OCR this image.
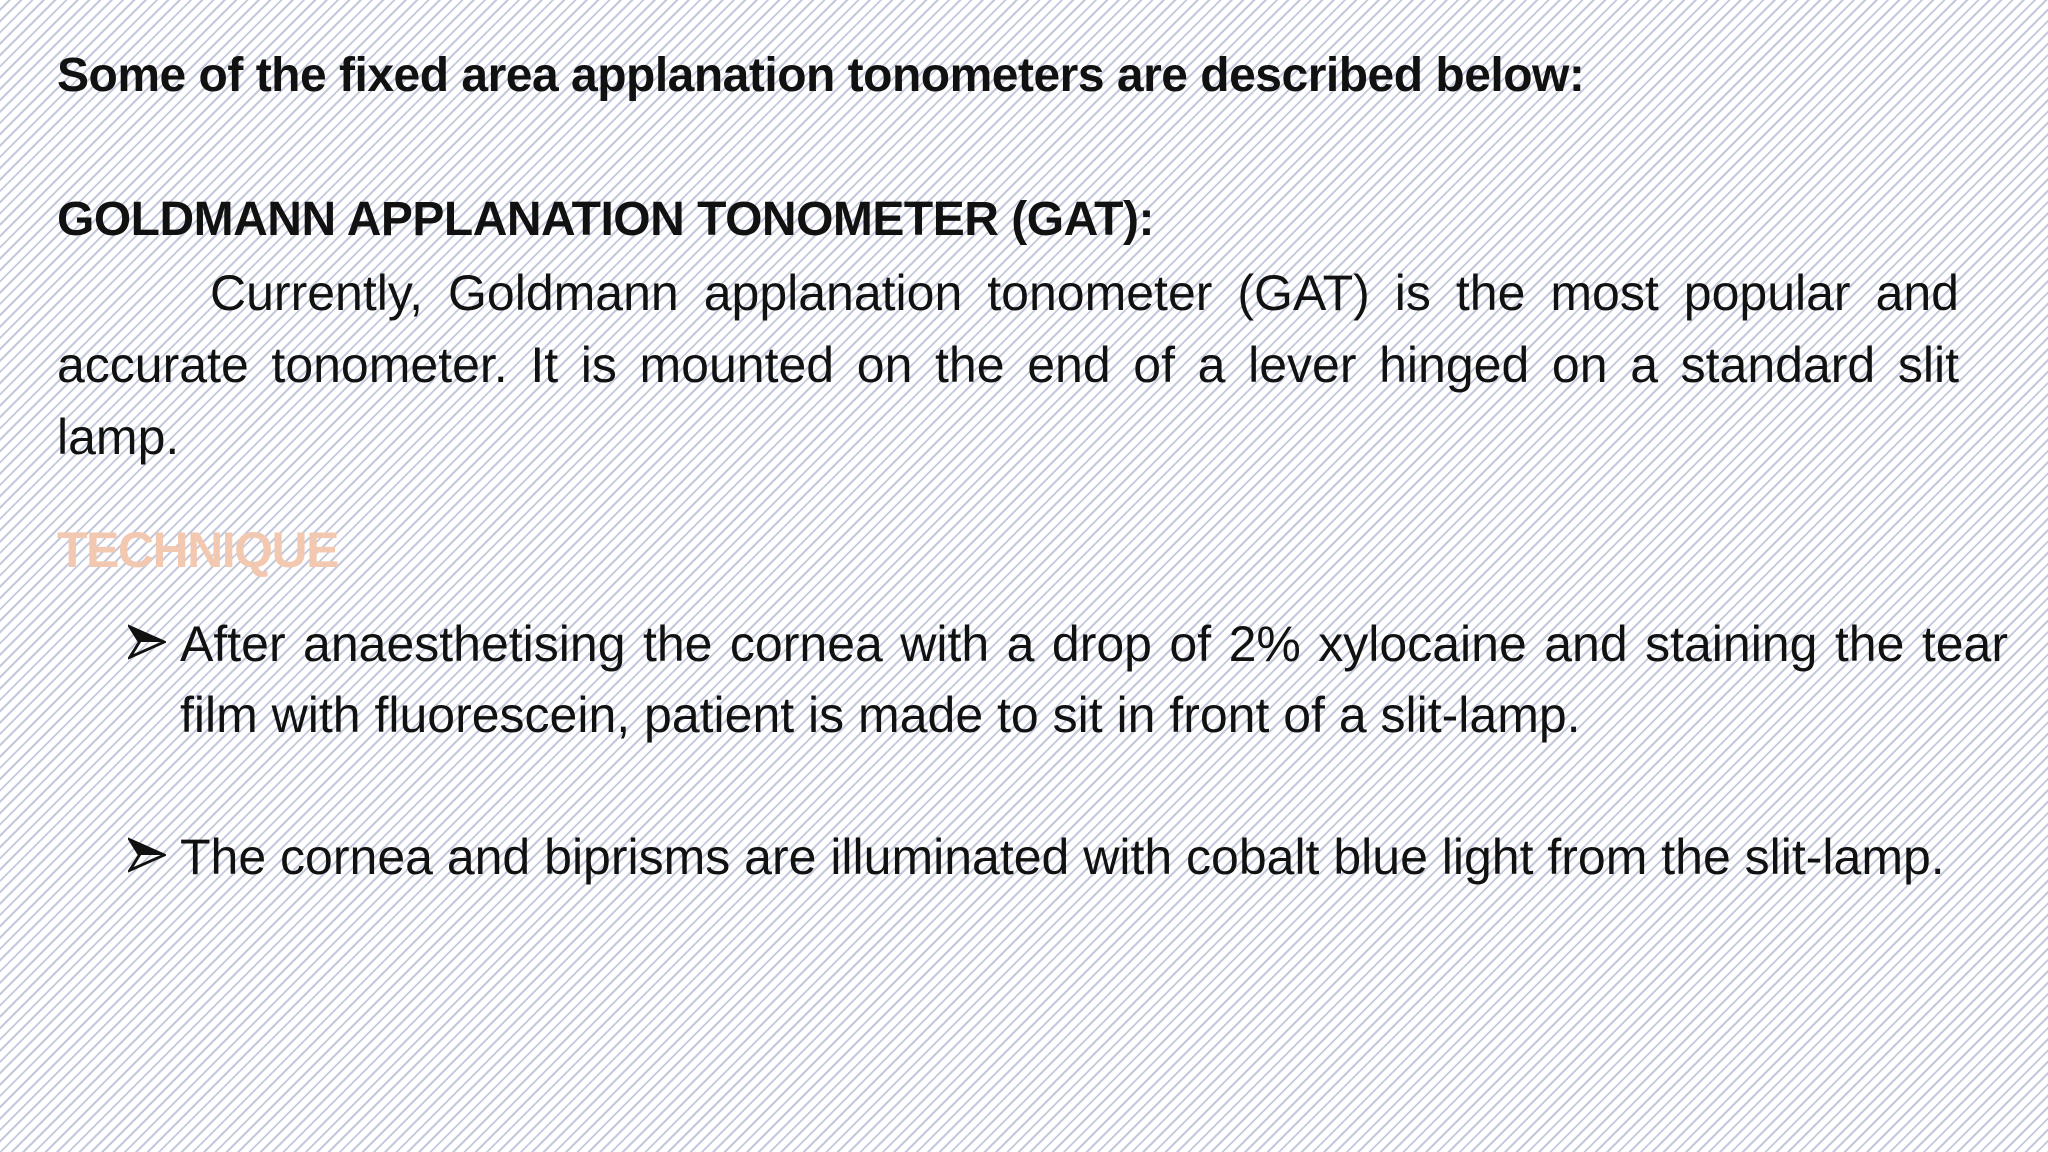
Some of the fixed area applanation tonometers are described below:
GOLDMANN APPLANATION TONOMETER (GAT):
Currently, Goldmann applanation tonometer (GAT) is the most popular and accurate tonometer. It is mounted on the end of a lever hinged on a standard slit lamp.
TECHNIQUE
After anaesthetising the cornea with a drop of 2% xylocaine and staining the tear film with fluorescein, patient is made to sit in front of a slit-lamp.
The cornea and biprisms are illuminated with cobalt blue light from the slit-lamp.
